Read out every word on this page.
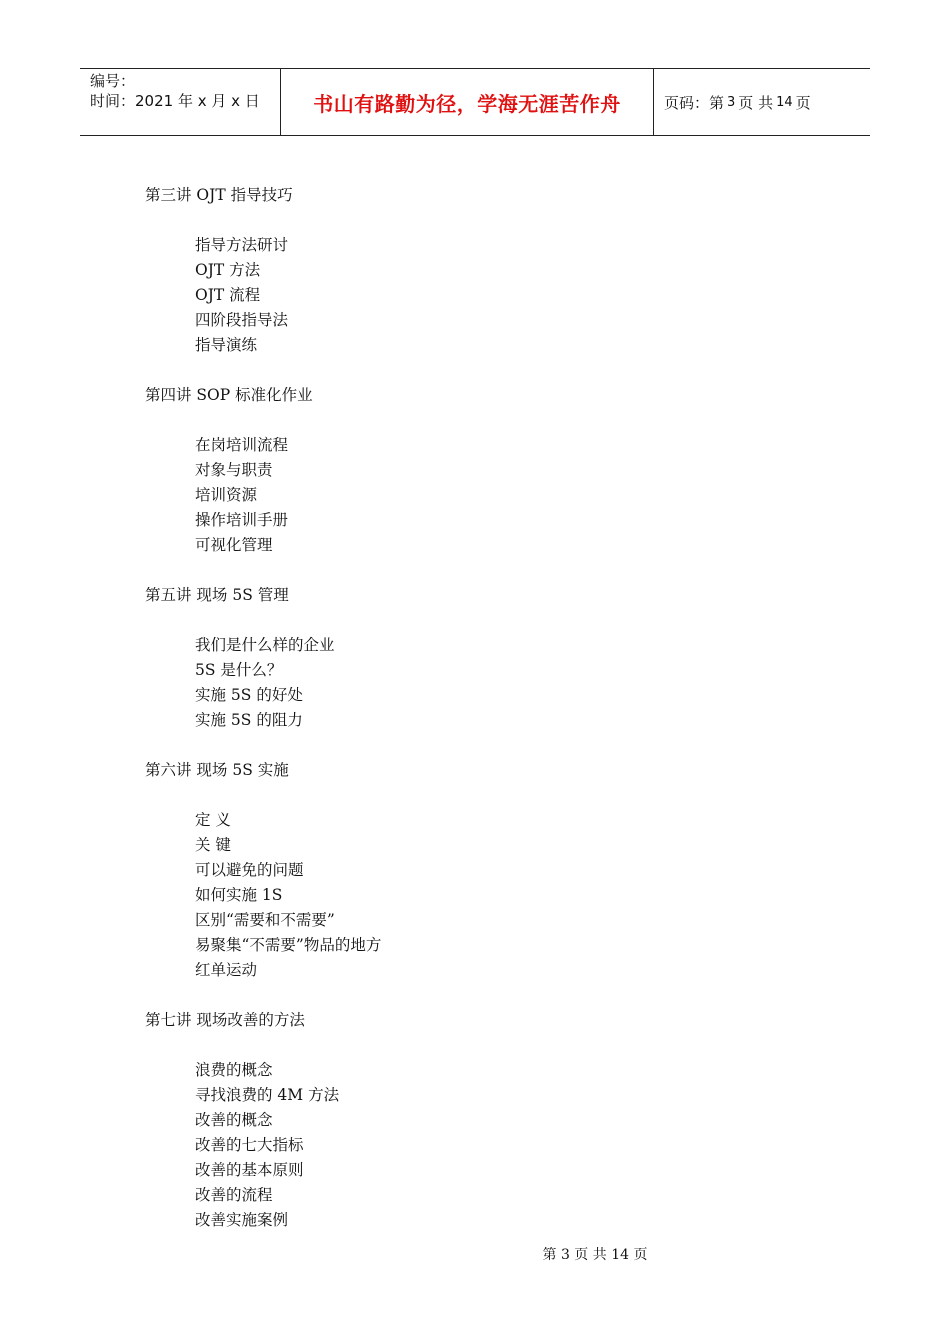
编号：
时间：2021 年 x 月 x 日	书山有路勤为径，学海无涯苦作舟	页码：第 3 页 共 14 页
第三讲 OJT 指导技巧
指导方法研讨
OJT 方法
OJT 流程
四阶段指导法
指导演练
第四讲 SOP 标准化作业
在岗培训流程
对象与职责
培训资源
操作培训手册
可视化管理
第五讲 现场 5S 管理
我们是什么样的企业
5S 是什么？
实施 5S 的好处
实施 5S 的阻力
第六讲 现场 5S 实施
定 义
关 键
可以避免的问题
如何实施 1S
区别“需要和不需要”
易聚集“不需要”物品的地方
红单运动
第七讲 现场改善的方法
浪费的概念
寻找浪费的 4M 方法
改善的概念
改善的七大指标
改善的基本原则
改善的流程
改善实施案例
第 3 页 共 14 页
